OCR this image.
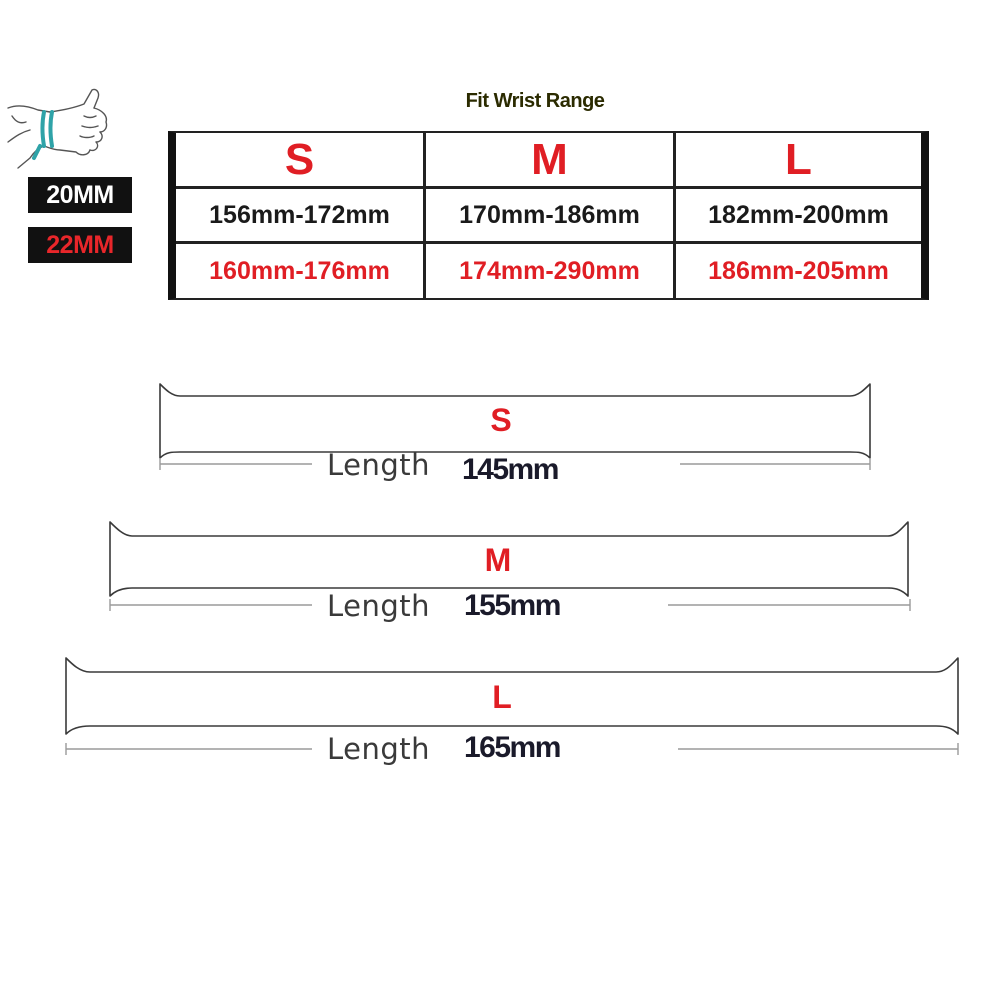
20MM
22MM
Fit Wrist Range
S	M	L
156mm-172mm	170mm-186mm	182mm-200mm
160mm-176mm	174mm-290mm	186mm-205mm
S
Length 145mm
M
Length 155mm
L
Length 165mm
